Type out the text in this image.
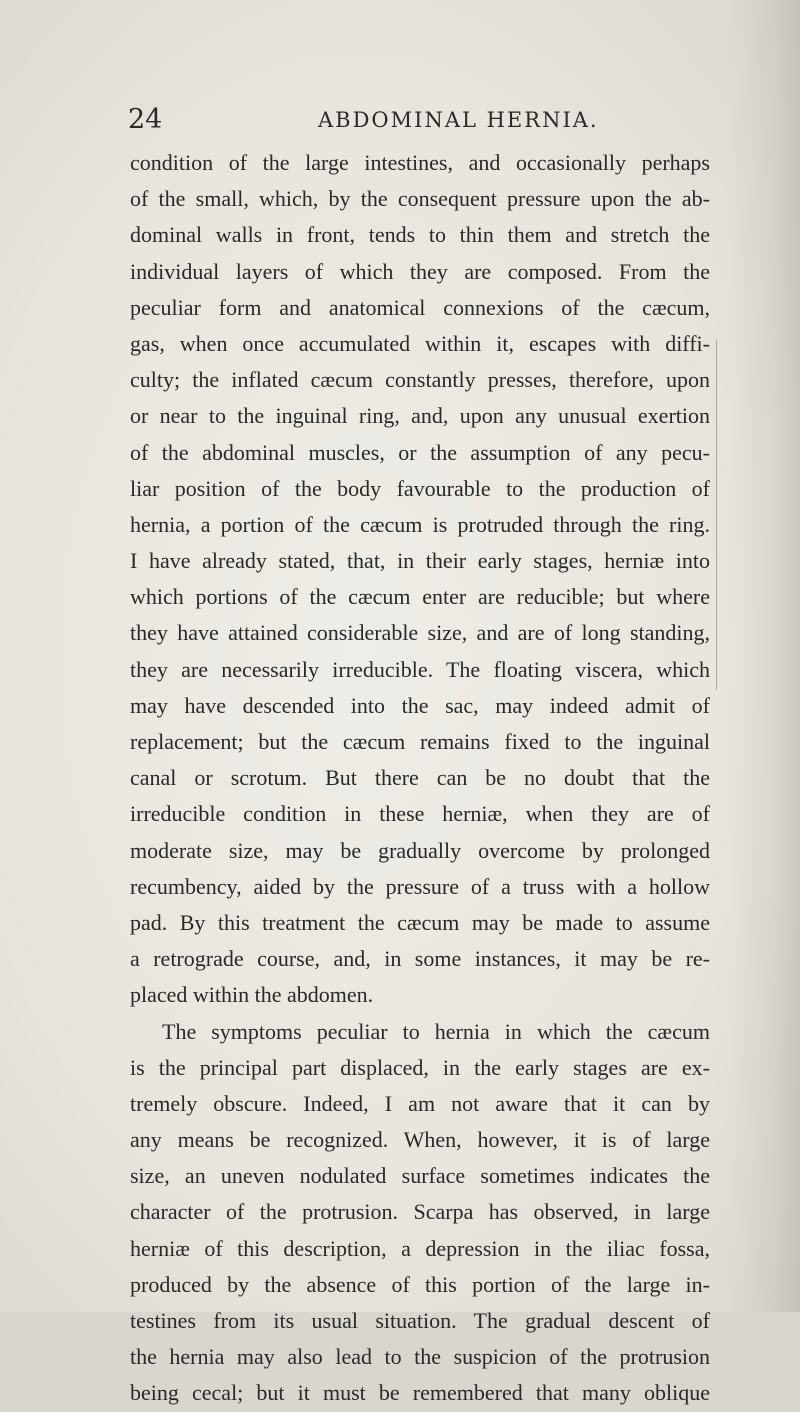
24	ABDOMINAL HERNIA.
condition of the large intestines, and occasionally perhaps
of the small, which, by the consequent pressure upon the ab-
dominal walls in front, tends to thin them and stretch the
individual layers of which they are composed. From the
peculiar form and anatomical connexions of the cæcum,
gas, when once accumulated within it, escapes with diffi-
culty; the inflated cæcum constantly presses, therefore, upon
or near to the inguinal ring, and, upon any unusual exertion
of the abdominal muscles, or the assumption of any pecu-
liar position of the body favourable to the production of
hernia, a portion of the cæcum is protruded through the ring.
I have already stated, that, in their early stages, herniæ into
which portions of the cæcum enter are reducible; but where
they have attained considerable size, and are of long standing,
they are necessarily irreducible. The floating viscera, which
may have descended into the sac, may indeed admit of
replacement; but the cæcum remains fixed to the inguinal
canal or scrotum. But there can be no doubt that the
irreducible condition in these herniæ, when they are of
moderate size, may be gradually overcome by prolonged
recumbency, aided by the pressure of a truss with a hollow
pad. By this treatment the cæcum may be made to assume
a retrograde course, and, in some instances, it may be re-
placed within the abdomen.
The symptoms peculiar to hernia in which the cæcum
is the principal part displaced, in the early stages are ex-
tremely obscure. Indeed, I am not aware that it can by
any means be recognized. When, however, it is of large
size, an uneven nodulated surface sometimes indicates the
character of the protrusion. Scarpa has observed, in large
herniæ of this description, a depression in the iliac fossa,
produced by the absence of this portion of the large in-
testines from its usual situation. The gradual descent of
the hernia may also lead to the suspicion of the protrusion
being cecal; but it must be remembered that many oblique
